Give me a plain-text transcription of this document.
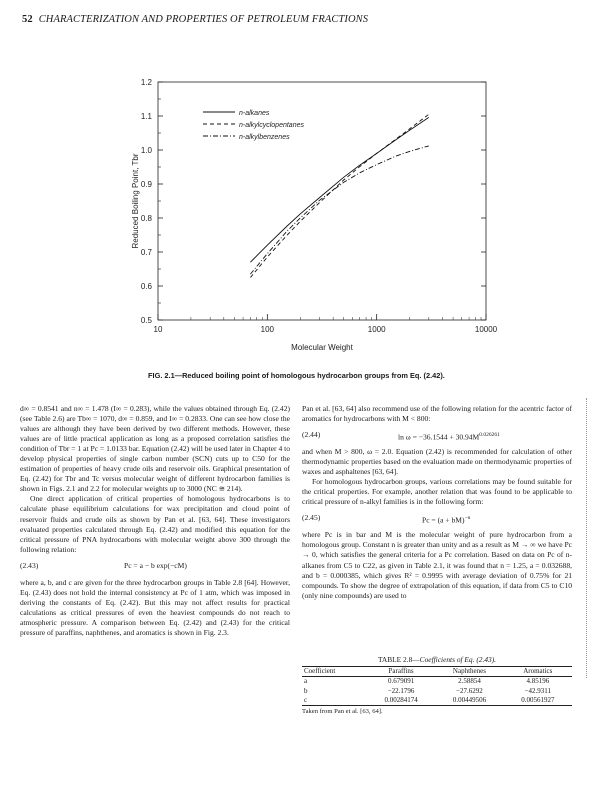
52 CHARACTERIZATION AND PROPERTIES OF PETROLEUM FRACTIONS
0.5
0.6
0.7
0.8
0.9
1.0
1.1
1.2
10	100	1000	10000
Molecular Weight
Reduced Boiling Point, Tbr
n-alkanes
n-alkylcyclopentanes
n-alkylbenzenes
FIG. 2.1—Reduced boiling point of homologous hydrocarbon groups from Eq. (2.42).

d∞ = 0.8541 and n∞ = 1.478 (I∞ = 0.283), while the values obtained through Eq. (2.42) (see Table 2.6) are Tb∞ = 1070, d∞ = 0.859, and I∞ = 0.2833. One can see how close the values are although they have been derived by two different methods. However, these values are of little practical application as long as a proposed correlation satisfies the condition of Tbr = 1 at Pc = 1.0133 bar. Equation (2.42) will be used later in Chapter 4 to develop physical properties of single carbon number (SCN) cuts up to C50 for the estimation of properties of heavy crude oils and reservoir oils. Graphical presentation of Eq. (2.42) for Tbr and Tc versus molecular weight of different hydrocarbon families is shown in Figs. 2.1 and 2.2 for molecular weights up to 3000 (NC ≅ 214).

One direct application of critical properties of homologous hydrocarbons is to calculate phase equilibrium calculations for wax precipitation and cloud point of reservoir fluids and crude oils as shown by Pan et al. [63, 64]. These investigators evaluated properties calculated through Eq. (2.42) and modified this equation for the critical pressure of PNA hydrocarbons with molecular weight above 300 through the following relation:

(2.43)	Pc = a − b exp(−cM)

where a, b, and c are given for the three hydrocarbon groups in Table 2.8 [64]. However, Eq. (2.43) does not hold the internal consistency at Pc of 1 atm, which was imposed in deriving the constants of Eq. (2.42). But this may not affect results for practical calculations as critical pressures of even the heaviest compounds do not reach to atmospheric pressure. A comparison between Eq. (2.42) and (2.43) for the critical pressure of paraffins, naphthenes, and aromatics is shown in Fig. 2.3.

Pan et al. [63, 64] also recommend use of the following relation for the acentric factor of aromatics for hydrocarbons with M < 800:

(2.44)	$\ln \omega = -36.1544 + 30.94M^{0.026261}$

and when M > 800, ω = 2.0. Equation (2.42) is recommended for calculation of other thermodynamic properties based on the evaluation made on thermodynamic properties of waxes and asphaltenes [63, 64].

For homologous hydrocarbon groups, various correlations may be found suitable for the critical properties. For example, another relation that was found to be applicable to critical pressure of n-alkyl families is in the following form:

(2.45)	Pc = (a + bM)$^{-n}$

where Pc is in bar and M is the molecular weight of pure hydrocarbon from a homologous group. Constant n is greater than unity and as a result as M → ∞ we have Pc → 0, which satisfies the general criteria for a Pc correlation. Based on data on Pc of n-alkanes from C5 to C22, as given in Table 2.1, it was found that n = 1.25, a = 0.032688, and b = 0.000385, which gives R² = 0.9995 with average deviation of 0.75% for 21 compounds. To show the degree of extrapolation of this equation, if data from C5 to C10 (only nine compounds) are used to

TABLE 2.8—Coefficients of Eq. (2.43).
Coefficient	Paraffins	Naphthenes	Aromatics
a	0.679091	2.58854	4.85196
b	−22.1796	−27.6292	−42.9311
c	0.00284174	0.00449506	0.00561927
Taken from Pan et al. [63, 64].
